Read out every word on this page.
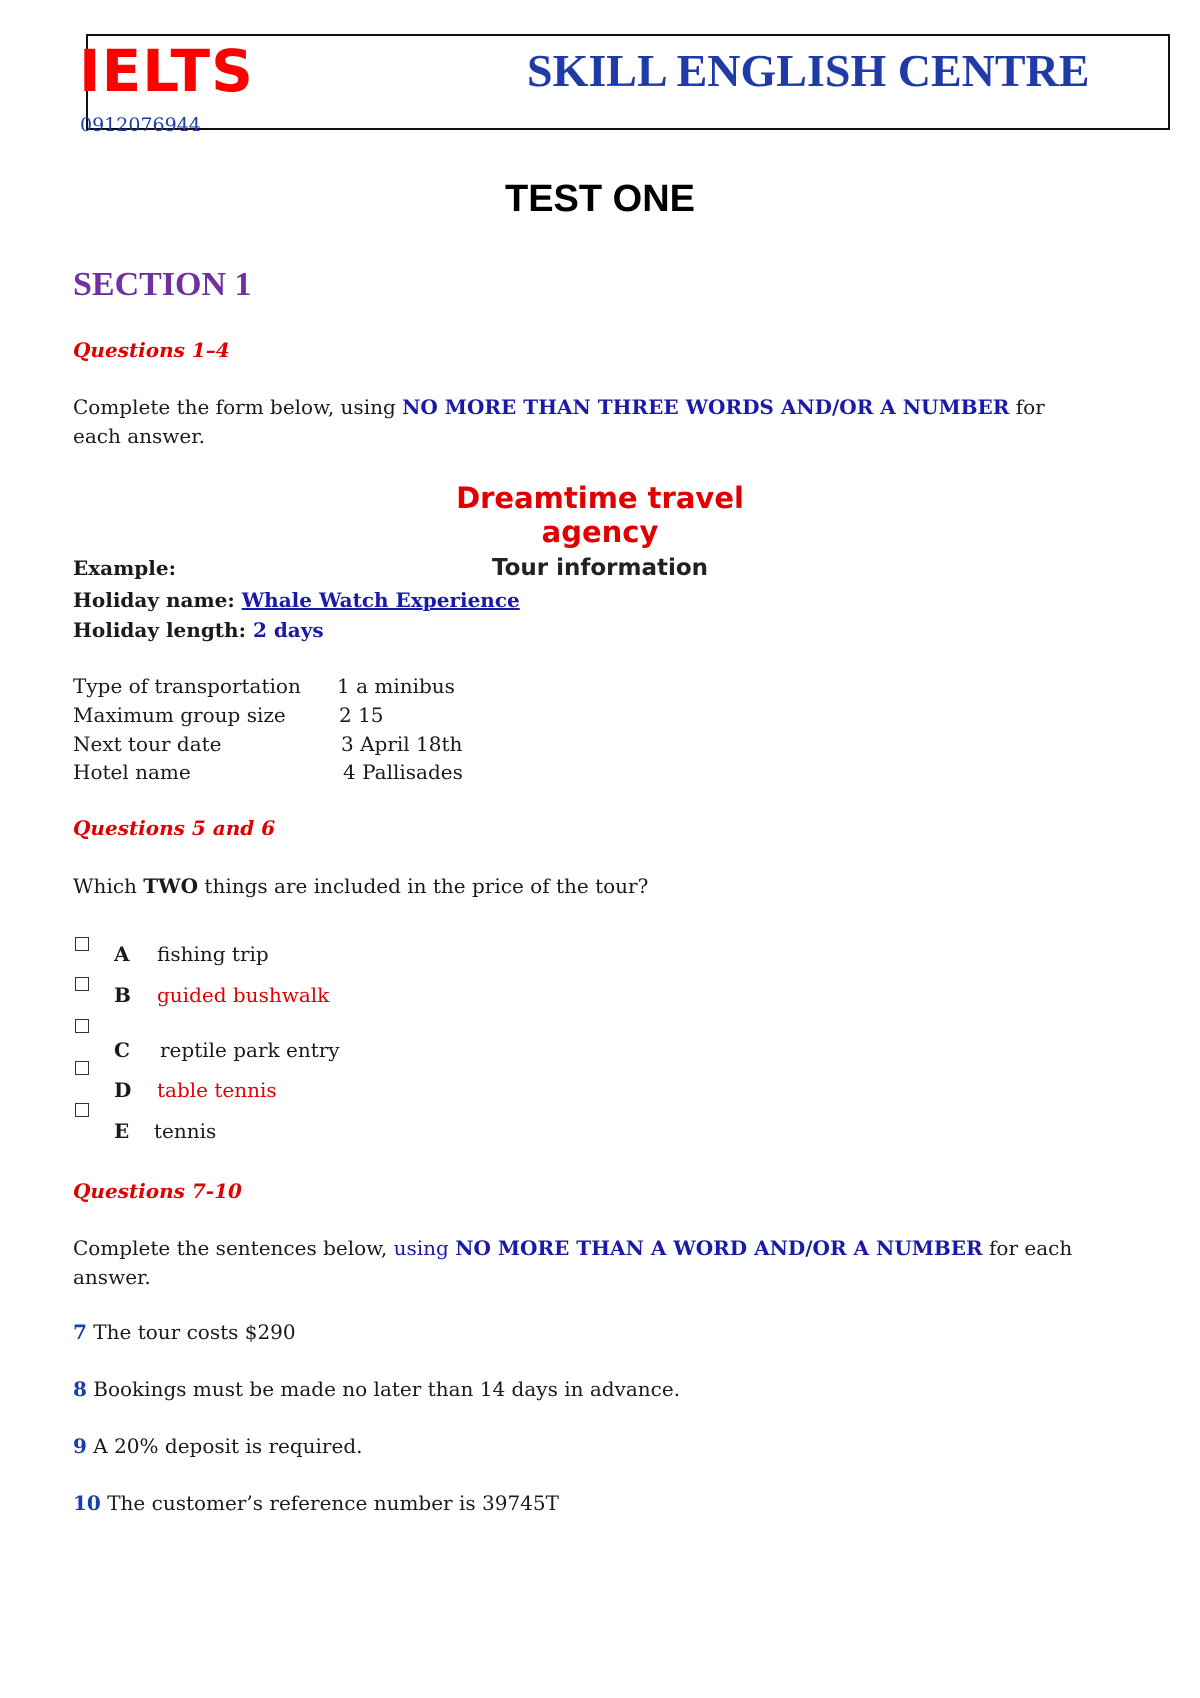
IELTS
0912076944
SKILL ENGLISH CENTRE
TEST ONE
SECTION 1
Questions 1–4
Complete the form below, using NO MORE THAN THREE WORDS AND/OR A NUMBER for each answer.
Dreamtime travel
agency
Example:	Tour information
Holiday name: Whale Watch Experience
Holiday length: 2 days
Type of transportation 1 a minibus
Maximum group size	2 15
Next tour date	3 April 18th
Hotel name	4 Pallisades
Questions 5 and 6
Which TWO things are included in the price of the tour?
A fishing trip
B guided bushwalk
C reptile park entry
D table tennis
E tennis
Questions 7-10
Complete the sentences below, using NO MORE THAN A WORD AND/OR A NUMBER for each answer.
7 The tour costs $290
8 Bookings must be made no later than 14 days in advance.
9 A 20% deposit is required.
10 The customer’s reference number is 39745T
